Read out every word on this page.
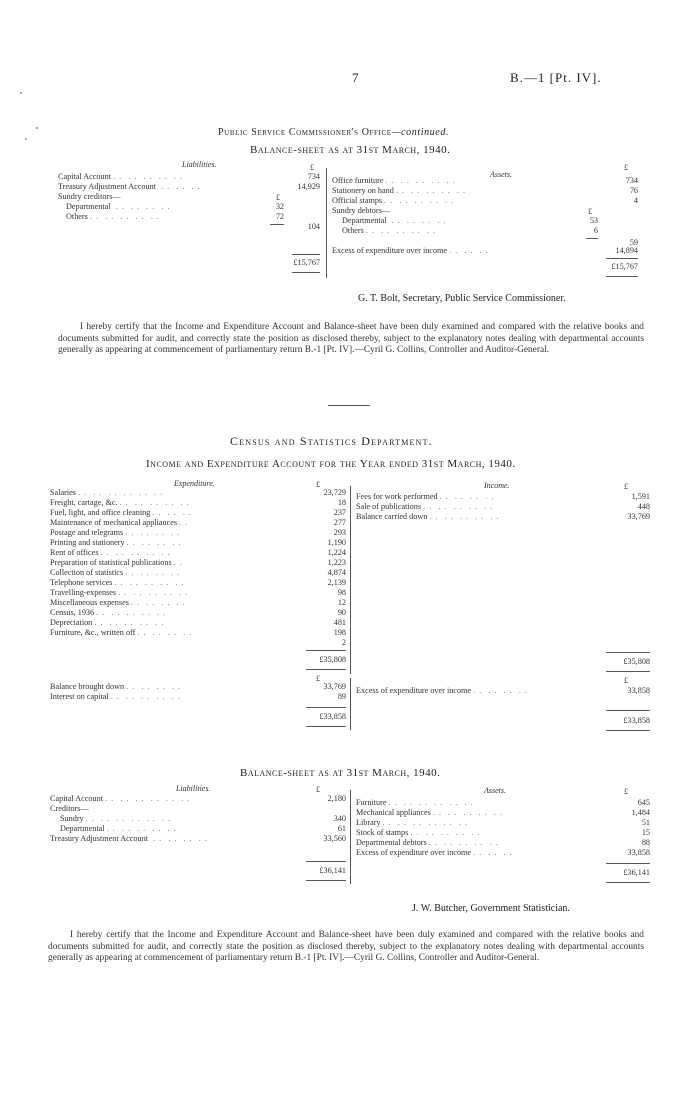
7	B.—1 [Pt. IV].
Public Service Commissioner's Office—continued.
Balance-sheet as at 31st March, 1940.
Liabilities.
Assets.
£	£
Capital Account . .  . .  . .  . .  . .	734
Treasury Adjustment Account  . .  . .  . .	14,929
Sundry creditors—	£
Departmental  . .  . .  . .  . .	32
Others . .  . .  . .  . .  . .	72
104
£15,767
Office furniture . .  . .  . .  . .  . .	734
Stationery on hand . .  . .  . .  . .  . .	76
Official stamps . .  . .  . .  . .  . .	4
Sundry debtors—	£
Departmental  . .  . .  . .  . .	53
Others . .  . .  . .  . .  . .	6
59
Excess of expenditure over income . .  . .  . .	14,894
£15,767
G. T. Bolt, Secretary, Public Service Commissioner.

I hereby certify that the Income and Expenditure Account and Balance-sheet have been duly examined and compared with the relative books and documents submitted for audit, and correctly state the position as disclosed thereby, subject to the explanatory notes dealing with departmental accounts generally as appearing at commencement of parliamentary return B.-1 [Pt. IV].—Cyril G. Collins, Controller and Auditor-General.

Census and Statistics Department.
Income and Expenditure Account for the Year ended 31st March, 1940.
Expenditure.	Income.
£	£
Salaries . .  . .  . .  . .  . .  . .	23,729
Freight, cartage, &c. . .  . .  . .  . .  . .	18
Fuel, light, and office cleaning . .  . .  . .	237
Maintenance of mechanical appliances . .	277
Postage and telegrams . .  . .  . .  . .	293
Printing and stationery . .  . .  . .  . .	1,190
Rent of offices . .  . .  . .  . .  . .	1,224
Preparation of statistical publications . .	1,223
Collection of statistics . .  . .  . .  . .	4,874
Telephone services . .  . .  . .  . .  . .	2,139
Travelling-expenses . .  . .  . .  . .  . .	98
Miscellaneous expenses . .  . .  . .  . .	12
Census, 1936 . .  . .  . .  . .  . .	90
Depreciation . .  . .  . .  . .  . .	481
Furniture, &c., written off . .  . .  . .  . .	198
2
£35,808
Fees for work performed . .  . .  . .  . .	1,591
Sale of publications . .  . .  . .  . .  . .	448
Balance carried down . .  . .  . .  . .  . .	33,769
£35,808
£	£
Balance brought down . .  . .  . .  . .	33,769
Interest on capital . .  . .  . .  . .  . .	89
£33,858
Excess of expenditure over income . .  . .  . .  . .	33,858
£33,858
Balance-sheet as at 31st March, 1940.
Liabilities.	Assets.
£	£
Capital Account . .  . .  . .  . .  . .  . .	2,180
Creditors—
Sundry . .  . .  . .  . .  . .  . .	340
Departmental . .  . .  . .  . .  . .	61
Treasury Adjustment Account  . .  . .  . .  . .	33,560
£36,141
Furniture . .  . .  . .  . .  . .  . .	645
Mechanical appliances . .  . .  . .  . .  . .	1,484
Library . .  . .  . .  . .  . .  . .	51
Stock of stamps . .  . .  . .  . .  . .	15
Departmental debtors . .  . .  . .  . .  . .	88
Excess of expenditure over income . .  . .  . .	33,858
£36,141
J. W. Butcher, Government Statistician.

I hereby certify that the Income and Expenditure Account and Balance-sheet have been duly examined and compared with the relative books and documents submitted for audit, and correctly state the position as disclosed thereby, subject to the explanatory notes dealing with departmental accounts generally as appearing at commencement of parliamentary return B.-1 [Pt. IV].—Cyril G. Collins, Controller and Auditor-General.
